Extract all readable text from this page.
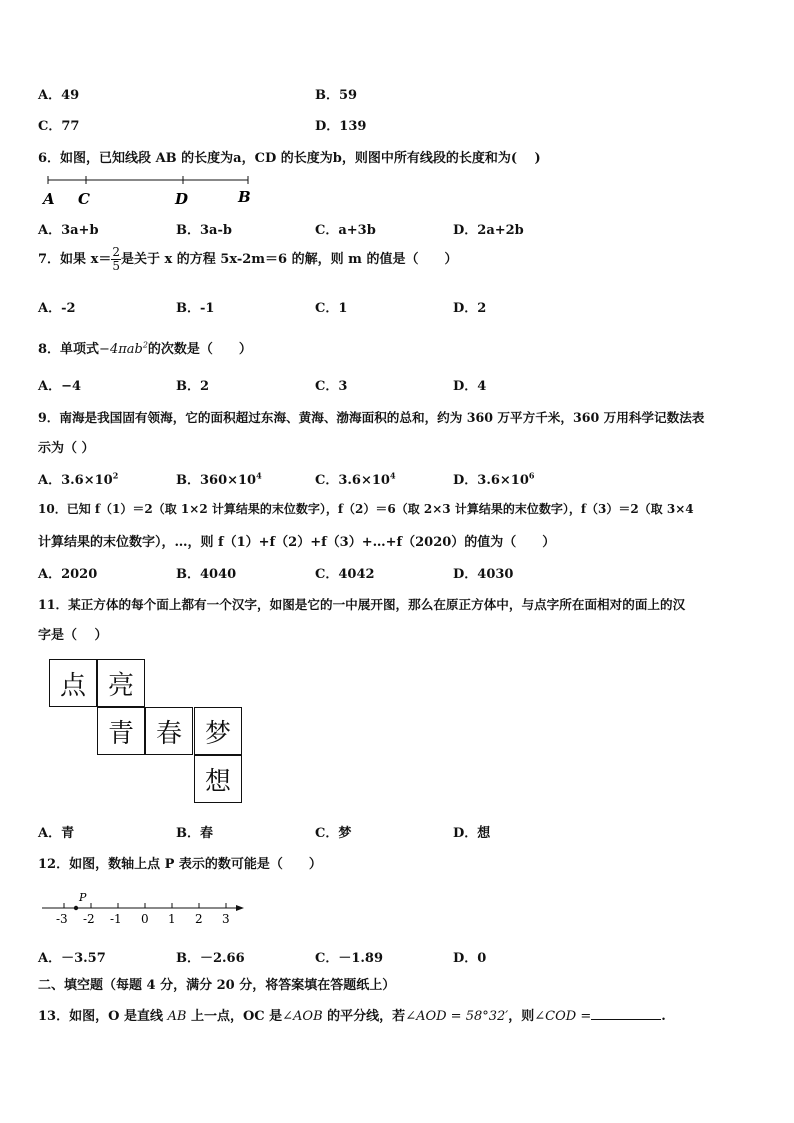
A．49	B．59
C．77	D．139
6．如图，已知线段 AB 的长度为a，CD 的长度为b，则图中所有线段的长度和为(　 )
A C	D	B
A．3a+b	B．3a-b	C．a+3b	D．2a+2b
7．如果 $x= \frac{2}{5}$ 是关于 x 的方程 5x-2m＝6 的解，则 m 的值是（　　）
A．-2	B．-1	C．1	D．2
8．单项式−4πab$^2$的次数是（　　）
A．−4	B．2	C．3	D．4
9．南海是我国固有领海，它的面积超过东海、黄海、渤海面积的总和，约为 360 万平方千米，360 万用科学记数法表
示为（ ）
A．$3.6\times 10^2$	B．$360\times 10^4$	C．$3.6\times 10^4$	D．$3.6\times 10^6$
10．已知 f（1）＝2（取 1×2 计算结果的末位数字），f（2）＝6（取 2×3 计算结果的末位数字），f（3）＝2（取 3×4
计算结果的末位数字），…，则 f（1）+f（2）+f（3）+…+f（2020）的值为（　　）
A．2020	B．4040	C．4042	D．4030
11．某正方体的每个面上都有一个汉字，如图是它的一中展开图，那么在原正方体中，与点字所在面相对的面上的汉
字是（　 ）
点 亮
青 春 梦
想
A．青	B．春	C．梦	D．想
12．如图，数轴上点 P 表示的数可能是（　　）
P
-3 -2 -1 0 1 2 3
A．－3.57	B．－2.66	C．－1.89	D．0
二、填空题（每题 4 分，满分 20 分，将答案填在答题纸上）
13．如图，O 是直线 AB 上一点，OC 是∠AOB 的平分线，若∠AOD = 58°32′，则∠COD =	.
